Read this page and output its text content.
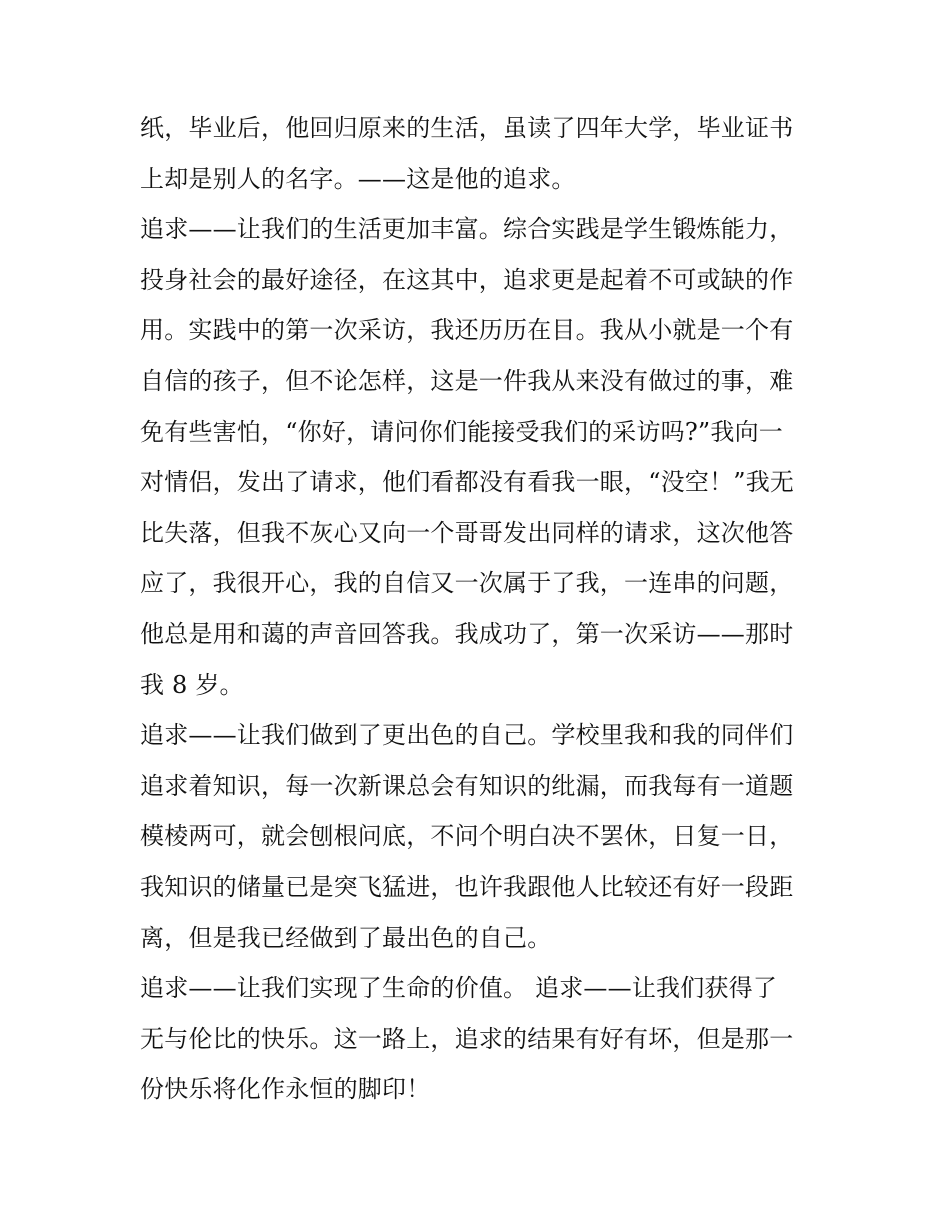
纸，毕业后，他回归原来的生活，虽读了四年大学，毕业证书
上却是别人的名字。——这是他的追求。
追求——让我们的生活更加丰富。综合实践是学生锻炼能力，
投身社会的最好途径，在这其中，追求更是起着不可或缺的作
用。实践中的第一次采访，我还历历在目。我从小就是一个有
自信的孩子，但不论怎样，这是一件我从来没有做过的事，难
免有些害怕，“你好，请问你们能接受我们的采访吗?”我向一
对情侣，发出了请求，他们看都没有看我一眼，“没空！”我无
比失落，但我不灰心又向一个哥哥发出同样的请求，这次他答
应了，我很开心，我的自信又一次属于了我，一连串的问题，
他总是用和蔼的声音回答我。我成功了，第一次采访——那时
我 8 岁。
追求——让我们做到了更出色的自己。学校里我和我的同伴们
追求着知识，每一次新课总会有知识的纰漏，而我每有一道题
模棱两可，就会刨根问底，不问个明白决不罢休，日复一日，
我知识的储量已是突飞猛进，也许我跟他人比较还有好一段距
离，但是我已经做到了最出色的自己。
追求——让我们实现了生命的价值。 追求——让我们获得了
无与伦比的快乐。这一路上，追求的结果有好有坏，但是那一
份快乐将化作永恒的脚印！
